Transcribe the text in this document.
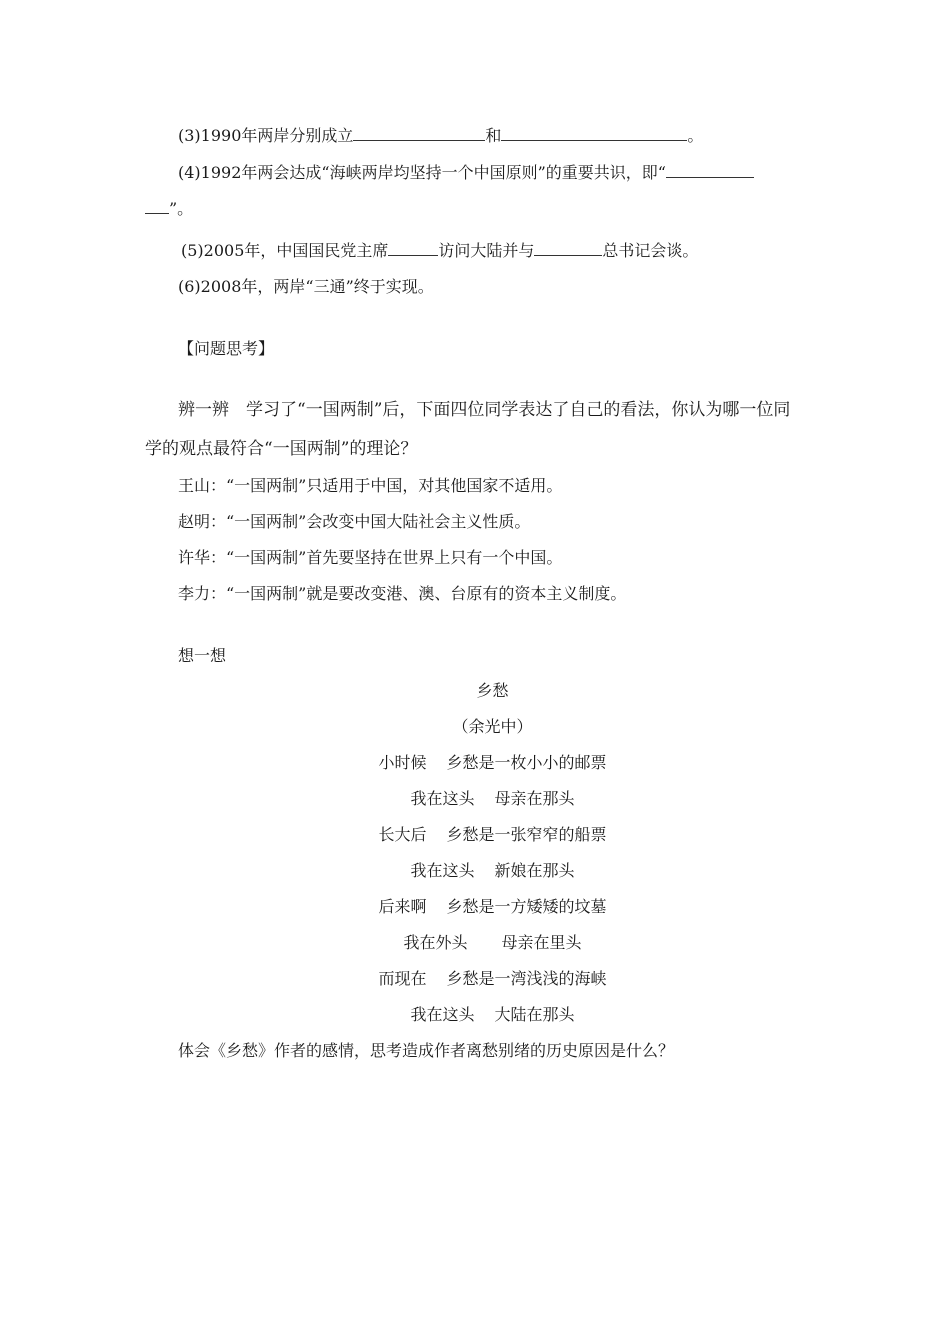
(3)1990年两岸分别成立	和	。
(4)1992年两会达成“海峡两岸均坚持一个中国原则”的重要共识，即“
”。
(5)2005年，中国国民党主席	访问大陆并与	总书记会谈。
(6)2008年，两岸“三通”终于实现。
【问题思考】
辨一辨　学习了“一国两制”后，下面四位同学表达了自己的看法，你认为哪一位同
学的观点最符合“一国两制”的理论？
王山：“一国两制”只适用于中国，对其他国家不适用。
赵明：“一国两制”会改变中国大陆社会主义性质。
许华：“一国两制”首先要坚持在世界上只有一个中国。
李力：“一国两制”就是要改变港、澳、台原有的资本主义制度。
想一想
乡愁
（余光中）
小时候 乡愁是一枚小小的邮票
我在这头 母亲在那头
长大后 乡愁是一张窄窄的船票
我在这头 新娘在那头
后来啊 乡愁是一方矮矮的坟墓
我在外头 母亲在里头
而现在 乡愁是一湾浅浅的海峡
我在这头 大陆在那头
体会《乡愁》作者的感情，思考造成作者离愁别绪的历史原因是什么？
